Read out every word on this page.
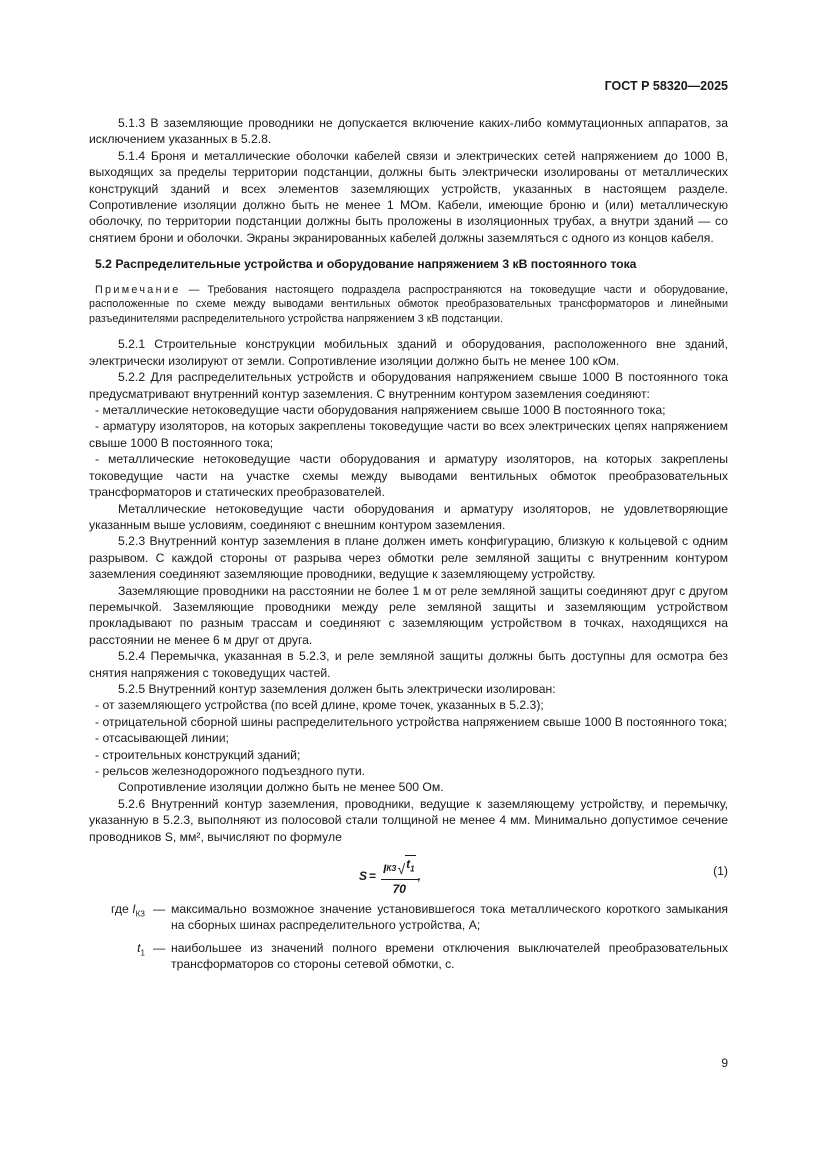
ГОСТ Р 58320—2025

5.1.3 В заземляющие проводники не допускается включение каких-либо коммутационных аппаратов, за исключением указанных в 5.2.8.

5.1.4 Броня и металлические оболочки кабелей связи и электрических сетей напряжением до 1000 В, выходящих за пределы территории подстанции, должны быть электрически изолированы от металлических конструкций зданий и всех элементов заземляющих устройств, указанных в настоящем разделе. Сопротивление изоляции должно быть не менее 1 МОм. Кабели, имеющие броню и (или) металлическую оболочку, по территории подстанции должны быть проложены в изоляционных трубах, а внутри зданий — со снятием брони и оболочки. Экраны экранированных кабелей должны заземляться с одного из концов кабеля.

5.2 Распределительные устройства и оборудование напряжением 3 кВ постоянного тока

Примечание — Требования настоящего подраздела распространяются на токоведущие части и оборудование, расположенные по схеме между выводами вентильных обмоток преобразовательных трансформаторов и линейными разъединителями распределительного устройства напряжением 3 кВ подстанции.

5.2.1 Строительные конструкции мобильных зданий и оборудования, расположенного вне зданий, электрически изолируют от земли. Сопротивление изоляции должно быть не менее 100 кОм.

5.2.2 Для распределительных устройств и оборудования напряжением свыше 1000 В постоянного тока предусматривают внутренний контур заземления. С внутренним контуром заземления соединяют:

- металлические нетоковедущие части оборудования напряжением свыше 1000 В постоянного тока;

- арматуру изоляторов, на которых закреплены токоведущие части во всех электрических цепях напряжением свыше 1000 В постоянного тока;

- металлические нетоковедущие части оборудования и арматуру изоляторов, на которых закреплены токоведущие части на участке схемы между выводами вентильных обмоток преобразовательных трансформаторов и статических преобразователей.

Металлические нетоковедущие части оборудования и арматуру изоляторов, не удовлетворяющие указанным выше условиям, соединяют с внешним контуром заземления.

5.2.3 Внутренний контур заземления в плане должен иметь конфигурацию, близкую к кольцевой с одним разрывом. С каждой стороны от разрыва через обмотки реле земляной защиты с внутренним контуром заземления соединяют заземляющие проводники, ведущие к заземляющему устройству.

Заземляющие проводники на расстоянии не более 1 м от реле земляной защиты соединяют друг с другом перемычкой. Заземляющие проводники между реле земляной защиты и заземляющим устройством прокладывают по разным трассам и соединяют с заземляющим устройством в точках, находящихся на расстоянии не менее 6 м друг от друга.

5.2.4 Перемычка, указанная в 5.2.3, и реле земляной защиты должны быть доступны для осмотра без снятия напряжения с токоведущих частей.

5.2.5 Внутренний контур заземления должен быть электрически изолирован:

- от заземляющего устройства (по всей длине, кроме точек, указанных в 5.2.3);

- отрицательной сборной шины распределительного устройства напряжением свыше 1000 В постоянного тока;

- отсасывающей линии;

- строительных конструкций зданий;

- рельсов железнодорожного подъездного пути.

Сопротивление изоляции должно быть не менее 500 Ом.

5.2.6 Внутренний контур заземления, проводники, ведущие к заземляющему устройству, и перемычку, указанную в 5.2.3, выполняют из полосовой стали толщиной не менее 4 мм. Минимально допустимое сечение проводников S, мм², вычисляют по формуле

$S = \frac{I КЗ √ t_1}{70}$ ,	(1)
где $I_{КЗ}$ — максимально возможное значение установившегося тока металлического короткого замыкания на сборных шинах распределительного устройства, А;
$t_1$ — наибольшее из значений полного времени отключения выключателей преобразовательных трансформаторов со стороны сетевой обмотки, с.
9
